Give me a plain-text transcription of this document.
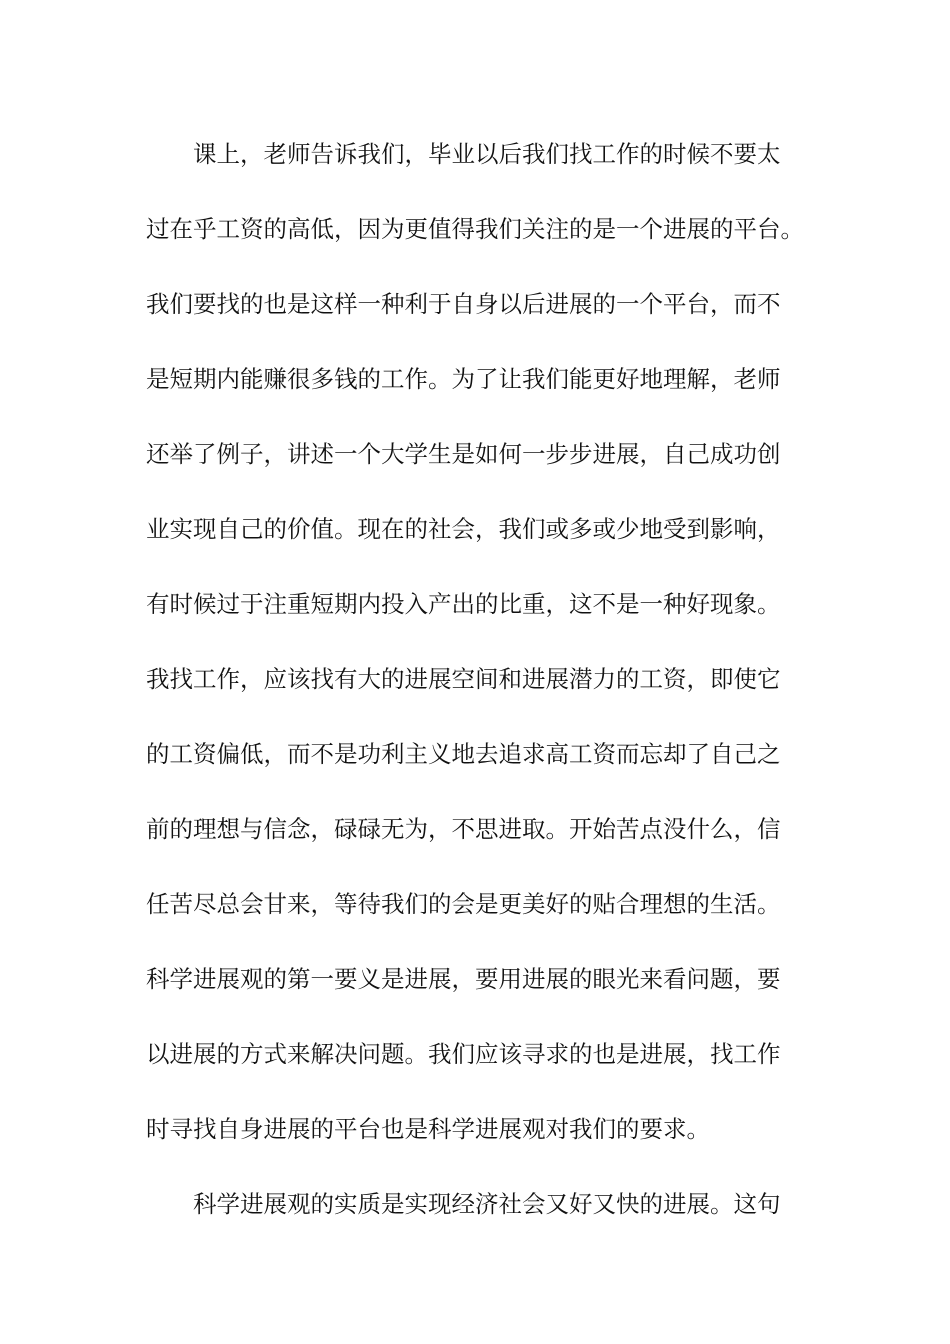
课上，老师告诉我们，毕业以后我们找工作的时候不要太
过在乎工资的高低，因为更值得我们关注的是一个进展的平台。
我们要找的也是这样一种利于自身以后进展的一个平台，而不
是短期内能赚很多钱的工作。为了让我们能更好地理解，老师
还举了例子，讲述一个大学生是如何一步步进展，自己成功创
业实现自己的价值。现在的社会，我们或多或少地受到影响，
有时候过于注重短期内投入产出的比重，这不是一种好现象。
我找工作，应该找有大的进展空间和进展潜力的工资，即使它
的工资偏低，而不是功利主义地去追求高工资而忘却了自己之
前的理想与信念，碌碌无为，不思进取。开始苦点没什么，信
任苦尽总会甘来，等待我们的会是更美好的贴合理想的生活。
科学进展观的第一要义是进展，要用进展的眼光来看问题，要
以进展的方式来解决问题。我们应该寻求的也是进展，找工作
时寻找自身进展的平台也是科学进展观对我们的要求。
科学进展观的实质是实现经济社会又好又快的进展。这句
